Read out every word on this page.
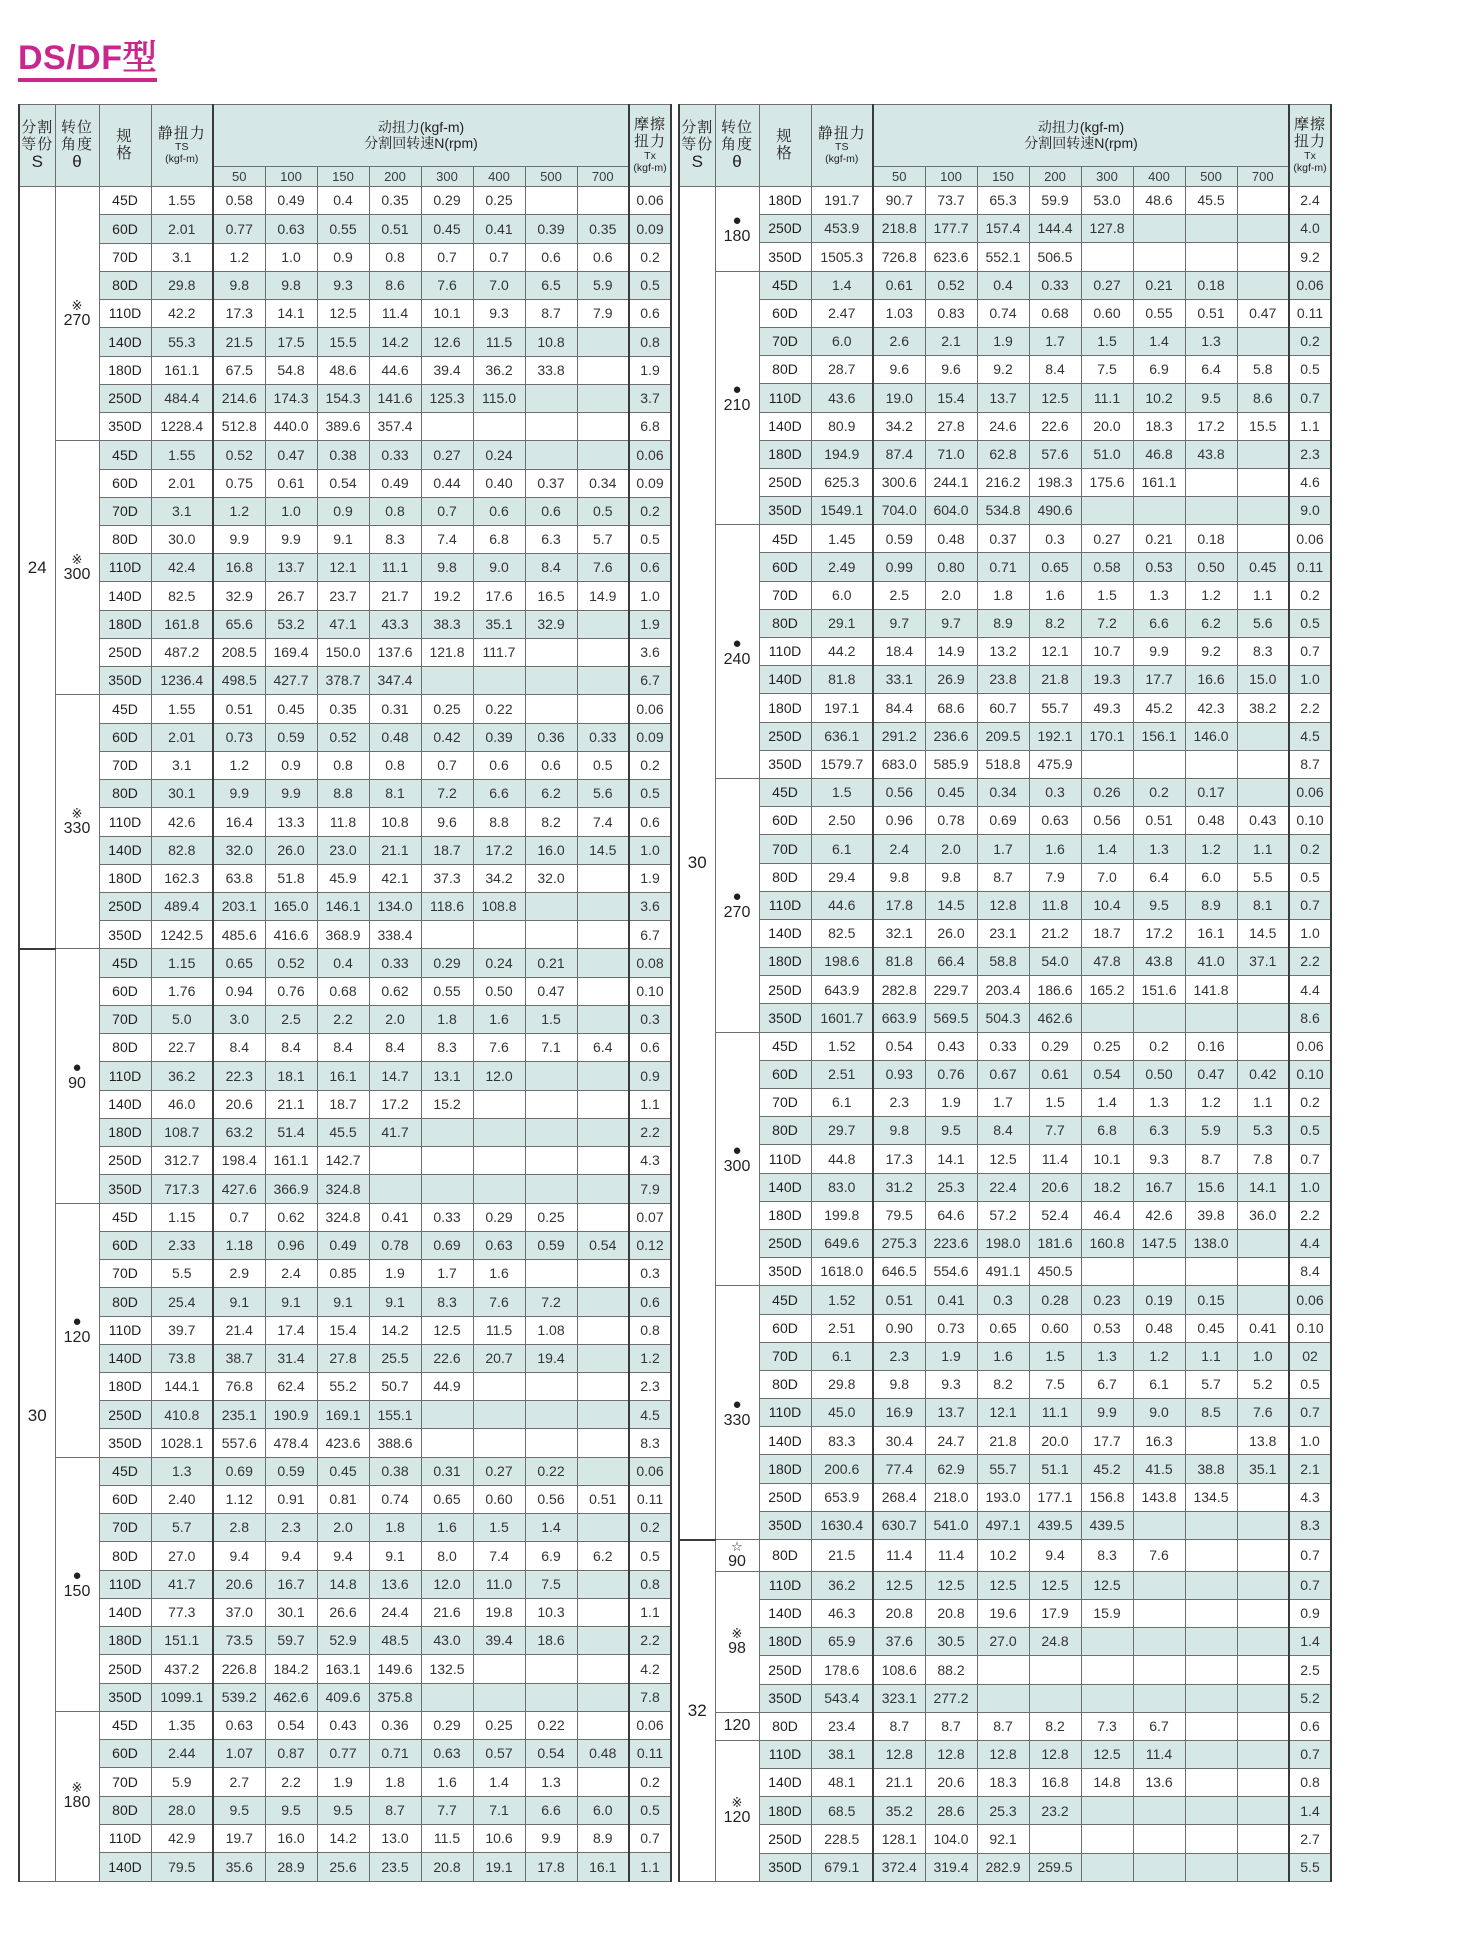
DS/DF型
分割
等份
S	转位
角度
θ	规
格	静扭力
TS
(kgf-m)	动扭力(kgf-m)
分割回转速N(rpm)								摩擦
扭力
Tx
(kgf-m)

				50	100	150	200	300	400	500	700	
24	※
270	45D	1.55	0.58	0.49	0.4	0.35	0.29	0.25			0.06
		60D	2.01	0.77	0.63	0.55	0.51	0.45	0.41	0.39	0.35	0.09
		70D	3.1	1.2	1.0	0.9	0.8	0.7	0.7	0.6	0.6	0.2
		80D	29.8	9.8	9.8	9.3	8.6	7.6	7.0	6.5	5.9	0.5
		110D	42.2	17.3	14.1	12.5	11.4	10.1	9.3	8.7	7.9	0.6
		140D	55.3	21.5	17.5	15.5	14.2	12.6	11.5	10.8		0.8
		180D	161.1	67.5	54.8	48.6	44.6	39.4	36.2	33.8		1.9
		250D	484.4	214.6	174.3	154.3	141.6	125.3	115.0			3.7
		350D	1228.4	512.8	440.0	389.6	357.4					6.8

	※
300	45D	1.55	0.52	0.47	0.38	0.33	0.27	0.24			0.06
		60D	2.01	0.75	0.61	0.54	0.49	0.44	0.40	0.37	0.34	0.09
		70D	3.1	1.2	1.0	0.9	0.8	0.7	0.6	0.6	0.5	0.2
		80D	30.0	9.9	9.9	9.1	8.3	7.4	6.8	6.3	5.7	0.5
		110D	42.4	16.8	13.7	12.1	11.1	9.8	9.0	8.4	7.6	0.6
		140D	82.5	32.9	26.7	23.7	21.7	19.2	17.6	16.5	14.9	1.0
		180D	161.8	65.6	53.2	47.1	43.3	38.3	35.1	32.9		1.9
		250D	487.2	208.5	169.4	150.0	137.6	121.8	111.7			3.6
		350D	1236.4	498.5	427.7	378.7	347.4					6.7

	※
330	45D	1.55	0.51	0.45	0.35	0.31	0.25	0.22			0.06
		60D	2.01	0.73	0.59	0.52	0.48	0.42	0.39	0.36	0.33	0.09
		70D	3.1	1.2	0.9	0.8	0.8	0.7	0.6	0.6	0.5	0.2
		80D	30.1	9.9	9.9	8.8	8.1	7.2	6.6	6.2	5.6	0.5
		110D	42.6	16.4	13.3	11.8	10.8	9.6	8.8	8.2	7.4	0.6
		140D	82.8	32.0	26.0	23.0	21.1	18.7	17.2	16.0	14.5	1.0
		180D	162.3	63.8	51.8	45.9	42.1	37.3	34.2	32.0		1.9
		250D	489.4	203.1	165.0	146.1	134.0	118.6	108.8			3.6
		350D	1242.5	485.6	416.6	368.9	338.4					6.7
30	●
90	45D	1.15	0.65	0.52	0.4	0.33	0.29	0.24	0.21		0.08
		60D	1.76	0.94	0.76	0.68	0.62	0.55	0.50	0.47		0.10
		70D	5.0	3.0	2.5	2.2	2.0	1.8	1.6	1.5		0.3
		80D	22.7	8.4	8.4	8.4	8.4	8.3	7.6	7.1	6.4	0.6
		110D	36.2	22.3	18.1	16.1	14.7	13.1	12.0			0.9
		140D	46.0	20.6	21.1	18.7	17.2	15.2				1.1
		180D	108.7	63.2	51.4	45.5	41.7					2.2
		250D	312.7	198.4	161.1	142.7						4.3
		350D	717.3	427.6	366.9	324.8						7.9

	●
120	45D	1.15	0.7	0.62	324.8	0.41	0.33	0.29	0.25		0.07
		60D	2.33	1.18	0.96	0.49	0.78	0.69	0.63	0.59	0.54	0.12
		70D	5.5	2.9	2.4	0.85	1.9	1.7	1.6			0.3
		80D	25.4	9.1	9.1	9.1	9.1	8.3	7.6	7.2		0.6
		110D	39.7	21.4	17.4	15.4	14.2	12.5	11.5	1.08		0.8
		140D	73.8	38.7	31.4	27.8	25.5	22.6	20.7	19.4		1.2
		180D	144.1	76.8	62.4	55.2	50.7	44.9				2.3
		250D	410.8	235.1	190.9	169.1	155.1					4.5
		350D	1028.1	557.6	478.4	423.6	388.6					8.3

	●
150	45D	1.3	0.69	0.59	0.45	0.38	0.31	0.27	0.22		0.06
		60D	2.40	1.12	0.91	0.81	0.74	0.65	0.60	0.56	0.51	0.11
		70D	5.7	2.8	2.3	2.0	1.8	1.6	1.5	1.4		0.2
		80D	27.0	9.4	9.4	9.4	9.1	8.0	7.4	6.9	6.2	0.5
		110D	41.7	20.6	16.7	14.8	13.6	12.0	11.0	7.5		0.8
		140D	77.3	37.0	30.1	26.6	24.4	21.6	19.8	10.3		1.1
		180D	151.1	73.5	59.7	52.9	48.5	43.0	39.4	18.6		2.2
		250D	437.2	226.8	184.2	163.1	149.6	132.5				4.2
		350D	1099.1	539.2	462.6	409.6	375.8					7.8

	※
180	45D	1.35	0.63	0.54	0.43	0.36	0.29	0.25	0.22		0.06
		60D	2.44	1.07	0.87	0.77	0.71	0.63	0.57	0.54	0.48	0.11
		70D	5.9	2.7	2.2	1.9	1.8	1.6	1.4	1.3		0.2
		80D	28.0	9.5	9.5	9.5	8.7	7.7	7.1	6.6	6.0	0.5
		110D	42.9	19.7	16.0	14.2	13.0	11.5	10.6	9.9	8.9	0.7
		140D	79.5	35.6	28.9	25.6	23.5	20.8	19.1	17.8	16.1	1.1
分割
等份
S	转位
角度
θ	规
格	静扭力
TS
(kgf-m)	动扭力(kgf-m)
分割回转速N(rpm)								摩擦
扭力
Tx
(kgf-m)

				50	100	150	200	300	400	500	700	
30	●
180	180D	191.7	90.7	73.7	65.3	59.9	53.0	48.6	45.5		2.4
		250D	453.9	218.8	177.7	157.4	144.4	127.8				4.0
		350D	1505.3	726.8	623.6	552.1	506.5					9.2

	●
210	45D	1.4	0.61	0.52	0.4	0.33	0.27	0.21	0.18		0.06
		60D	2.47	1.03	0.83	0.74	0.68	0.60	0.55	0.51	0.47	0.11
		70D	6.0	2.6	2.1	1.9	1.7	1.5	1.4	1.3		0.2
		80D	28.7	9.6	9.6	9.2	8.4	7.5	6.9	6.4	5.8	0.5
		110D	43.6	19.0	15.4	13.7	12.5	11.1	10.2	9.5	8.6	0.7
		140D	80.9	34.2	27.8	24.6	22.6	20.0	18.3	17.2	15.5	1.1
		180D	194.9	87.4	71.0	62.8	57.6	51.0	46.8	43.8		2.3
		250D	625.3	300.6	244.1	216.2	198.3	175.6	161.1			4.6
		350D	1549.1	704.0	604.0	534.8	490.6					9.0

	●
240	45D	1.45	0.59	0.48	0.37	0.3	0.27	0.21	0.18		0.06
		60D	2.49	0.99	0.80	0.71	0.65	0.58	0.53	0.50	0.45	0.11
		70D	6.0	2.5	2.0	1.8	1.6	1.5	1.3	1.2	1.1	0.2
		80D	29.1	9.7	9.7	8.9	8.2	7.2	6.6	6.2	5.6	0.5
		110D	44.2	18.4	14.9	13.2	12.1	10.7	9.9	9.2	8.3	0.7
		140D	81.8	33.1	26.9	23.8	21.8	19.3	17.7	16.6	15.0	1.0
		180D	197.1	84.4	68.6	60.7	55.7	49.3	45.2	42.3	38.2	2.2
		250D	636.1	291.2	236.6	209.5	192.1	170.1	156.1	146.0		4.5
		350D	1579.7	683.0	585.9	518.8	475.9					8.7

	●
270	45D	1.5	0.56	0.45	0.34	0.3	0.26	0.2	0.17		0.06
		60D	2.50	0.96	0.78	0.69	0.63	0.56	0.51	0.48	0.43	0.10
		70D	6.1	2.4	2.0	1.7	1.6	1.4	1.3	1.2	1.1	0.2
		80D	29.4	9.8	9.8	8.7	7.9	7.0	6.4	6.0	5.5	0.5
		110D	44.6	17.8	14.5	12.8	11.8	10.4	9.5	8.9	8.1	0.7
		140D	82.5	32.1	26.0	23.1	21.2	18.7	17.2	16.1	14.5	1.0
		180D	198.6	81.8	66.4	58.8	54.0	47.8	43.8	41.0	37.1	2.2
		250D	643.9	282.8	229.7	203.4	186.6	165.2	151.6	141.8		4.4
		350D	1601.7	663.9	569.5	504.3	462.6					8.6

	●
300	45D	1.52	0.54	0.43	0.33	0.29	0.25	0.2	0.16		0.06
		60D	2.51	0.93	0.76	0.67	0.61	0.54	0.50	0.47	0.42	0.10
		70D	6.1	2.3	1.9	1.7	1.5	1.4	1.3	1.2	1.1	0.2
		80D	29.7	9.8	9.5	8.4	7.7	6.8	6.3	5.9	5.3	0.5
		110D	44.8	17.3	14.1	12.5	11.4	10.1	9.3	8.7	7.8	0.7
		140D	83.0	31.2	25.3	22.4	20.6	18.2	16.7	15.6	14.1	1.0
		180D	199.8	79.5	64.6	57.2	52.4	46.4	42.6	39.8	36.0	2.2
		250D	649.6	275.3	223.6	198.0	181.6	160.8	147.5	138.0		4.4
		350D	1618.0	646.5	554.6	491.1	450.5					8.4

	●
330	45D	1.52	0.51	0.41	0.3	0.28	0.23	0.19	0.15		0.06
		60D	2.51	0.90	0.73	0.65	0.60	0.53	0.48	0.45	0.41	0.10
		70D	6.1	2.3	1.9	1.6	1.5	1.3	1.2	1.1	1.0	02
		80D	29.8	9.8	9.3	8.2	7.5	6.7	6.1	5.7	5.2	0.5
		110D	45.0	16.9	13.7	12.1	11.1	9.9	9.0	8.5	7.6	0.7
		140D	83.3	30.4	24.7	21.8	20.0	17.7	16.3		13.8	1.0
		180D	200.6	77.4	62.9	55.7	51.1	45.2	41.5	38.8	35.1	2.1
		250D	653.9	268.4	218.0	193.0	177.1	156.8	143.8	134.5		4.3
		350D	1630.4	630.7	541.0	497.1	439.5	439.5				8.3
32	☆
90	80D	21.5	11.4	11.4	10.2	9.4	8.3	7.6			0.7

	※
98	110D	36.2	12.5	12.5	12.5	12.5	12.5				0.7
		140D	46.3	20.8	20.8	19.6	17.9	15.9				0.9
		180D	65.9	37.6	30.5	27.0	24.8					1.4
		250D	178.6	108.6	88.2							2.5
		350D	543.4	323.1	277.2							5.2

120	80D	23.4	8.7	8.7	8.7	8.2	7.3	6.7			0.6

	※
120	110D	38.1	12.8	12.8	12.8	12.8	12.5	11.4			0.7
		140D	48.1	21.1	20.6	18.3	16.8	14.8	13.6			0.8
		180D	68.5	35.2	28.6	25.3	23.2					1.4
		250D	228.5	128.1	104.0	92.1						2.7
		350D	679.1	372.4	319.4	282.9	259.5					5.5
